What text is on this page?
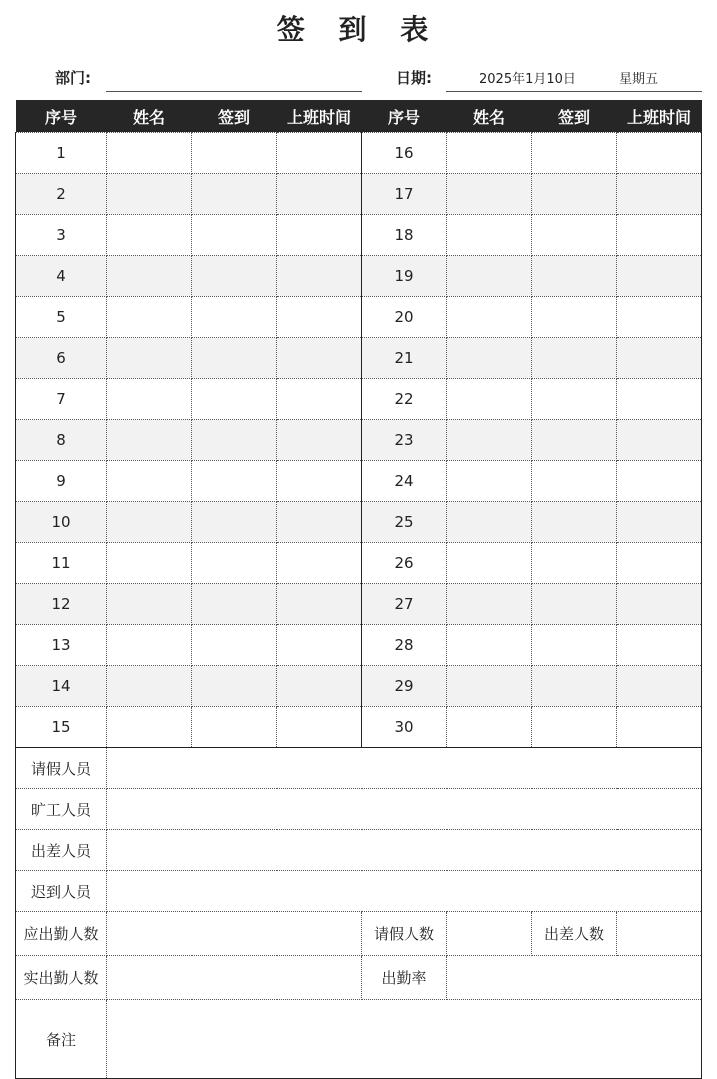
签 到 表
部门:	日期:	2025年1月10日	星期五
序号	姓名	签到	上班时间	序号	姓名	签到	上班时间
1				16			
2				17			
3				18			
4				19			
5				20			
6				21			
7				22			
8				23			
9				24			
10				25			
11				26			
12				27			
13				28			
14				29			
15				30			
请假人员							
旷工人员							
出差人员							
迟到人员							
应出勤人数				请假人数		出差人数	
实出勤人数				出勤率			
备注							
